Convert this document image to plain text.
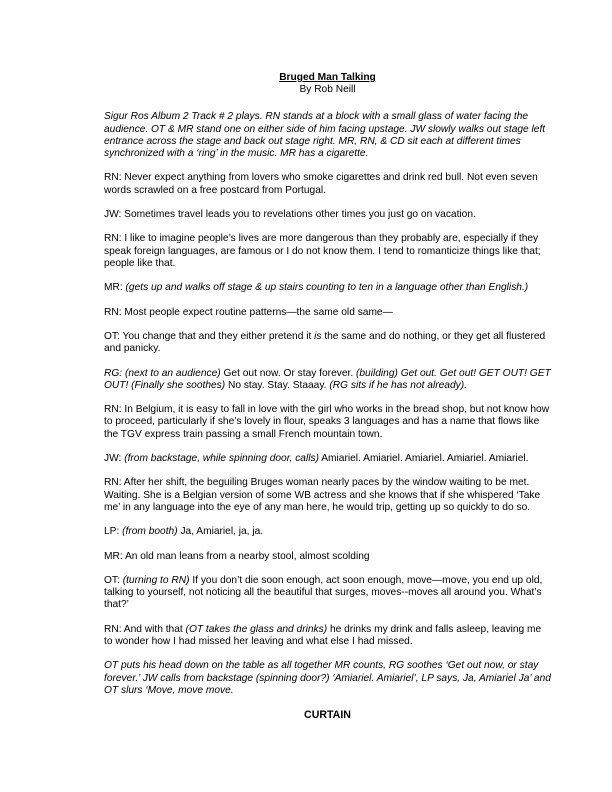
Bruged Man Talking
By Rob Neill

Sigur Ros Album 2 Track # 2 plays. RN stands at a block with a small glass of water facing the audience. OT & MR stand one on either side of him facing upstage. JW slowly walks out stage left entrance across the stage and back out stage right. MR, RN, & CD sit each at different times synchronized with a ‘ring’ in the music. MR has a cigarette.

RN: Never expect anything from lovers who smoke cigarettes and drink red bull. Not even seven words scrawled on a free postcard from Portugal.

JW: Sometimes travel leads you to revelations other times you just go on vacation.

RN: I like to imagine people’s lives are more dangerous than they probably are, especially if they speak foreign languages, are famous or I do not know them. I tend to romanticize things like that; people like that.

MR: (gets up and walks off stage & up stairs counting to ten in a language other than English.)

RN: Most people expect routine patterns—the same old same—

OT: You change that and they either pretend it is the same and do nothing, or they get all flustered and panicky.

RG: (next to an audience) Get out now. Or stay forever. (building) Get out. Get out! GET OUT! GET OUT! (Finally she soothes) No stay. Stay. Staaay. (RG sits if he has not already).

RN: In Belgium, it is easy to fall in love with the girl who works in the bread shop, but not know how to proceed, particularly if she’s lovely in flour, speaks 3 languages and has a name that flows like the TGV express train passing a small French mountain town.

JW: (from backstage, while spinning door, calls) Amiariel. Amiariel. Amiariel. Amiariel. Amiariel.

RN: After her shift, the beguiling Bruges woman nearly paces by the window waiting to be met. Waiting. She is a Belgian version of some WB actress and she knows that if she whispered ‘Take me’ in any language into the eye of any man here, he would trip, getting up so quickly to do so.

LP: (from booth) Ja, Amiariel, ja, ja.

MR: An old man leans from a nearby stool, almost scolding

OT: (turning to RN) If you don’t die soon enough, act soon enough, move—move, you end up old, talking to yourself, not noticing all the beautiful that surges, moves--moves all around you. What’s that?’

RN: And with that (OT takes the glass and drinks) he drinks my drink and falls asleep, leaving me to wonder how I had missed her leaving and what else I had missed.

OT puts his head down on the table as all together MR counts, RG soothes ‘Get out now, or stay forever.’ JW calls from backstage (spinning door?) ‘Amiariel. Amiariel’, LP says, Ja, Amiariel Ja’ and OT slurs ‘Move, move move.

CURTAIN
